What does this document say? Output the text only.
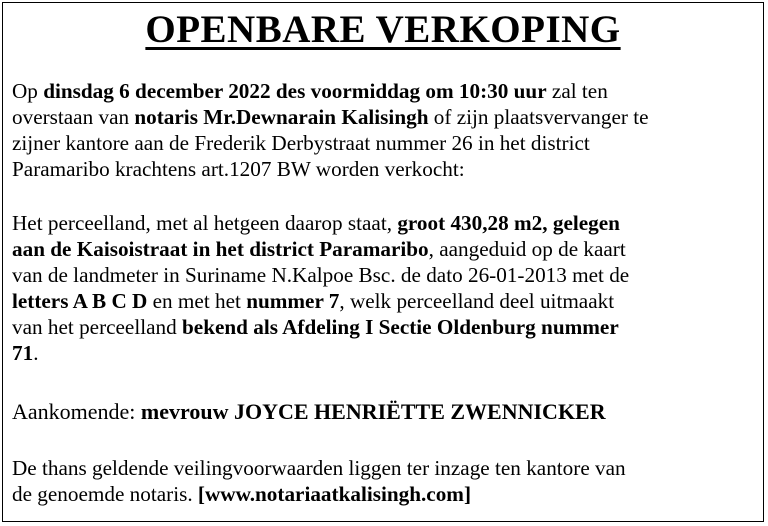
OPENBARE VERKOPING
Op dinsdag 6 december 2022 des voormiddag om 10:30 uur zal ten
overstaan van notaris Mr.Dewnarain Kalisingh of zijn plaatsvervanger te
zijner kantore aan de Frederik Derbystraat nummer 26 in het district
Paramaribo krachtens art.1207 BW worden verkocht:
Het perceelland, met al hetgeen daarop staat, groot 430,28 m2, gelegen
aan de Kaisoistraat in het district Paramaribo, aangeduid op de kaart
van de landmeter in Suriname N.Kalpoe Bsc. de dato 26-01-2013 met de
letters A B C D en met het nummer 7, welk perceelland deel uitmaakt
van het perceelland bekend als Afdeling I Sectie Oldenburg nummer
71.
Aankomende: mevrouw JOYCE HENRIËTTE ZWENNICKER
De thans geldende veilingvoorwaarden liggen ter inzage ten kantore van
de genoemde notaris. [www.notariaatkalisingh.com]
